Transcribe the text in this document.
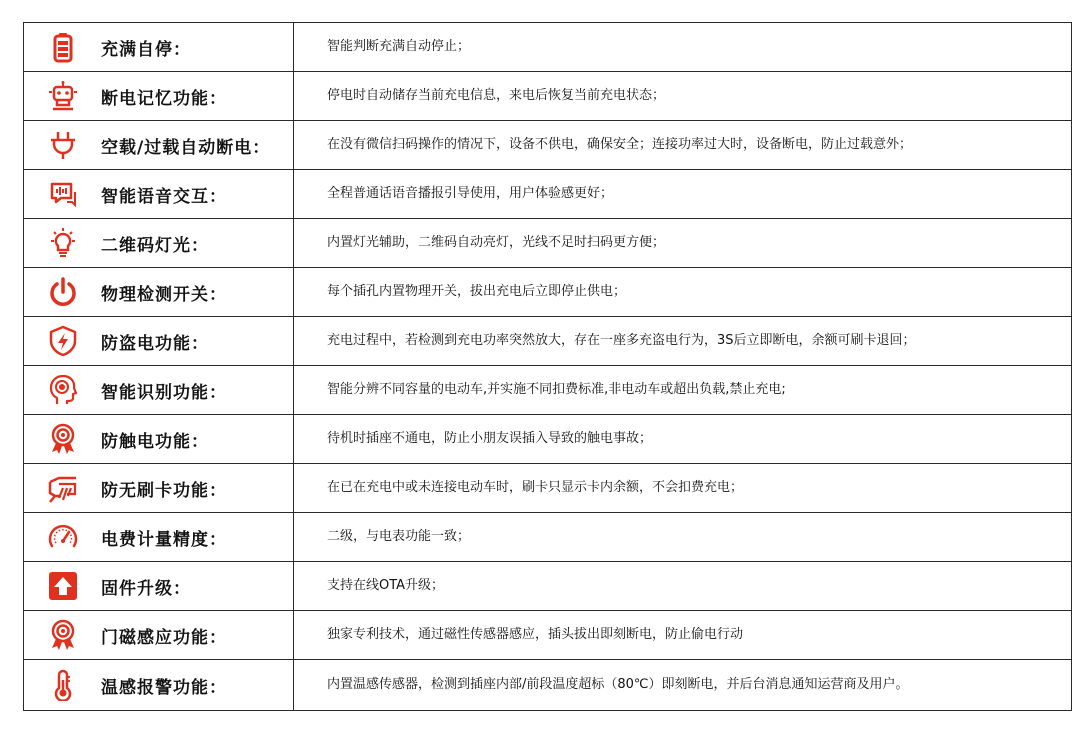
充满自停：	智能判断充满自动停止；

断电记忆功能：	停电时自动储存当前充电信息，来电后恢复当前充电状态；

空载/过载自动断电：	在没有微信扫码操作的情况下，设备不供电，确保安全；连接功率过大时，设备断电，防止过载意外；

智能语音交互：	全程普通话语音播报引导使用，用户体验感更好；

二维码灯光：	内置灯光辅助，二维码自动亮灯，光线不足时扫码更方便；

物理检测开关：	每个插孔内置物理开关，拔出充电后立即停止供电；

防盗电功能：	充电过程中，若检测到充电功率突然放大，存在一座多充盗电行为，3S后立即断电，余额可刷卡退回；

智能识别功能：	智能分辨不同容量的电动车,并实施不同扣费标准,非电动车或超出负载,禁止充电;

防触电功能：	待机时插座不通电，防止小朋友误插入导致的触电事故；

防无刷卡功能：	在已在充电中或未连接电动车时，刷卡只显示卡内余额，不会扣费充电；

电费计量精度：	二级，与电表功能一致；

固件升级：	支持在线OTA升级；

门磁感应功能：	独家专利技术，通过磁性传感器感应，插头拔出即刻断电，防止偷电行动

温感报警功能：	内置温感传感器，检测到插座内部/前段温度超标（80℃）即刻断电，并后台消息通知运营商及用户。
